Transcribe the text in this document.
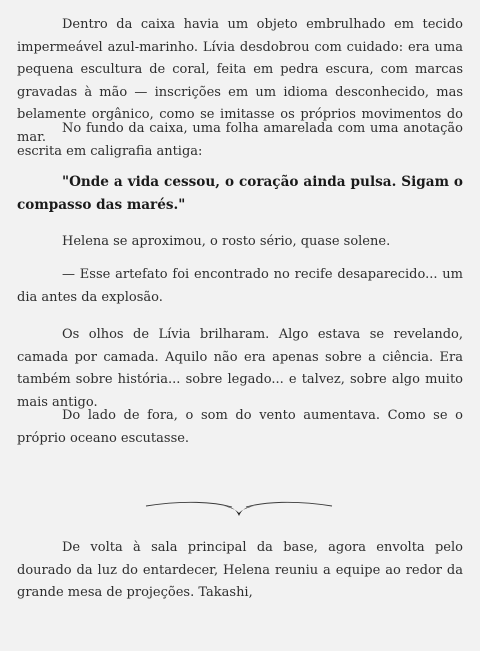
Dentro da caixa havia um objeto embrulhado em tecido impermeável azul-marinho. Lívia desdobrou com cuidado: era uma pequena escultura de coral, feita em pedra escura, com marcas gravadas à mão — inscrições em um idioma desconhecido, mas belamente orgânico, como se imitasse os próprios movimentos do mar.

No fundo da caixa, uma folha amarelada com uma anotação escrita em caligrafia antiga:

"Onde a vida cessou, o coração ainda pulsa. Sigam o compasso das marés."

Helena se aproximou, o rosto sério, quase solene.

— Esse artefato foi encontrado no recife desaparecido... um dia antes da explosão.

Os olhos de Lívia brilharam. Algo estava se revelando, camada por camada. Aquilo não era apenas sobre a ciência. Era também sobre história... sobre legado... e talvez, sobre algo muito mais antigo.

Do lado de fora, o som do vento aumentava. Como se o próprio oceano escutasse.

De volta à sala principal da base, agora envolta pelo dourado da luz do entardecer, Helena reuniu a equipe ao redor da grande mesa de projeções. Takashi,
